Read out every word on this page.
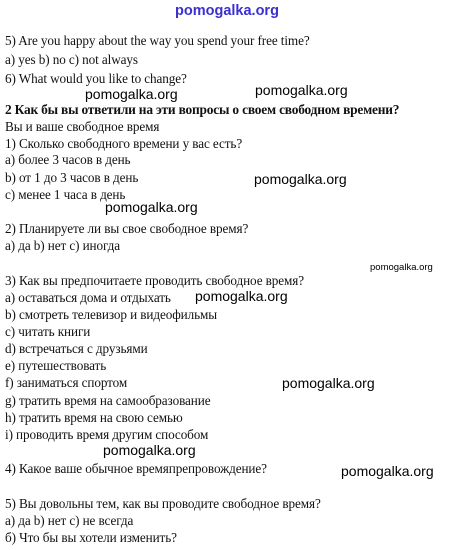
pomogalka.org
pomogalka.org	pomogalka.org
pomogalka.org
pomogalka.org
pomogalka.org
pomogalka.org
pomogalka.org
pomogalka.org
pomogalka.org
5) Are you happy about the way you spend your free time?
a) yes b) no c) not always
6) What would you like to change?
2 Как бы вы ответили на эти вопросы о своем свободном времени?
Вы и ваше свободное время
1) Сколько свободного времени у вас есть?
a) более 3 часов в день
b) от 1 до 3 часов в день
c) менее 1 часа в день
2) Планируете ли вы свое свободное время?
a) да b) нет c) иногда
3) Как вы предпочитаете проводить свободное время?
a) оставаться дома и отдыхать
b) смотреть телевизор и видеофильмы
c) читать книги
d) встречаться с друзьями
e) путешествовать
f) заниматься спортом
g) тратить время на самообразование
h) тратить время на свою семью
i) проводить время другим способом
4) Какое ваше обычное времяпрепровождение?
5) Вы довольны тем, как вы проводите свободное время?
a) да b) нет c) не всегда
б) Что бы вы хотели изменить?
